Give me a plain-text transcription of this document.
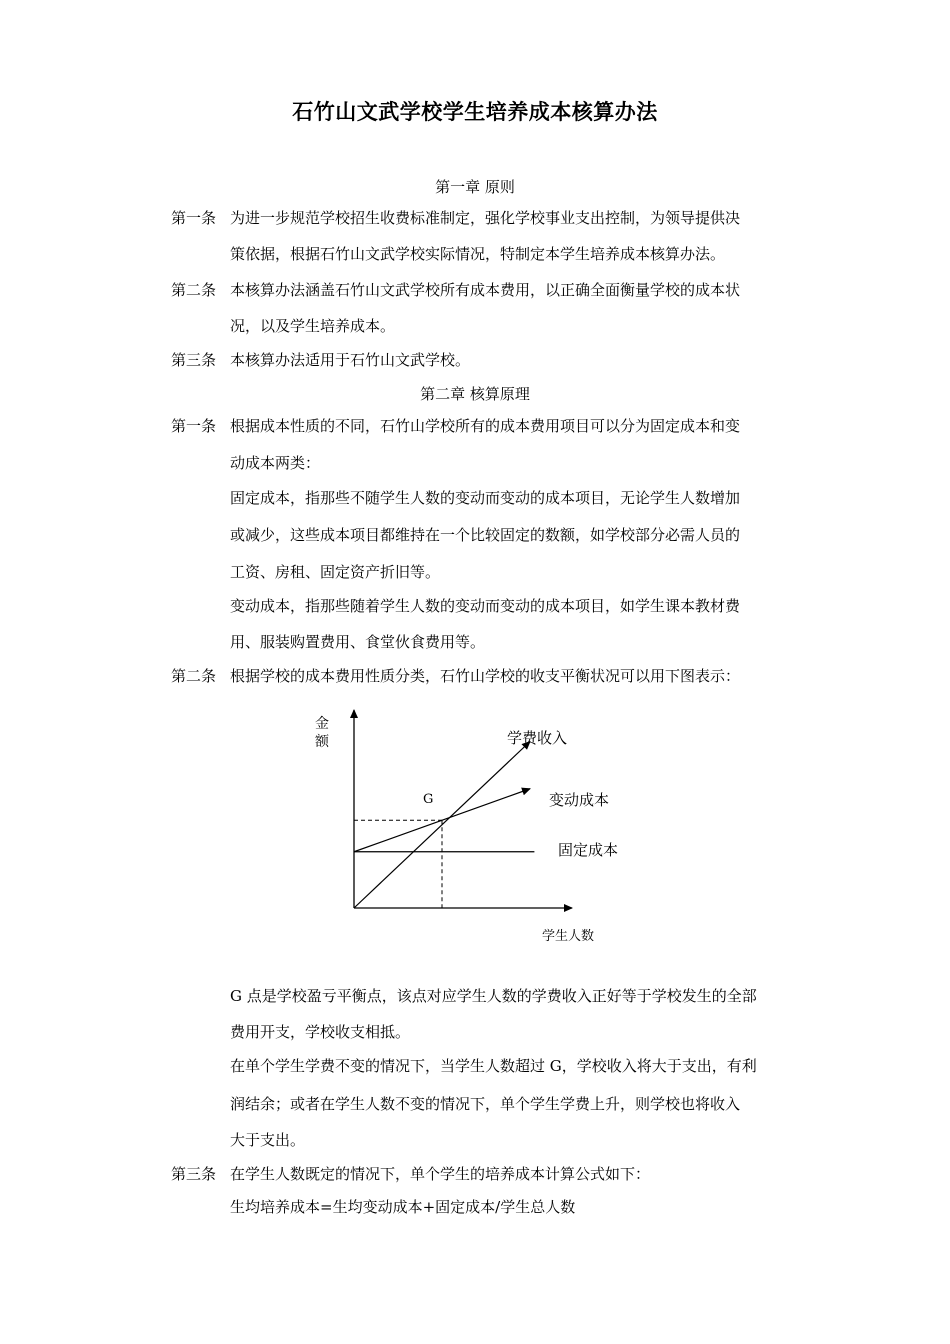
石竹山文武学校学生培养成本核算办法
第一章 原则
第一条 为进一步规范学校招生收费标准制定，强化学校事业支出控制，为领导提供决
策依据，根据石竹山文武学校实际情况，特制定本学生培养成本核算办法。
第二条 本核算办法涵盖石竹山文武学校所有成本费用，以正确全面衡量学校的成本状
况，以及学生培养成本。
第三条 本核算办法适用于石竹山文武学校。
第二章 核算原理
第一条 根据成本性质的不同，石竹山学校所有的成本费用项目可以分为固定成本和变
动成本两类：
固定成本，指那些不随学生人数的变动而变动的成本项目，无论学生人数增加
或减少，这些成本项目都维持在一个比较固定的数额，如学校部分必需人员的
工资、房租、固定资产折旧等。
变动成本，指那些随着学生人数的变动而变动的成本项目，如学生课本教材费
用、服装购置费用、食堂伙食费用等。
第二条 根据学校的成本费用性质分类，石竹山学校的收支平衡状况可以用下图表示：
金
额
学生人数
G
学费收入
变动成本
固定成本
G 点是学校盈亏平衡点，该点对应学生人数的学费收入正好等于学校发生的全部
费用开支，学校收支相抵。
在单个学生学费不变的情况下，当学生人数超过 G，学校收入将大于支出，有利
润结余；或者在学生人数不变的情况下，单个学生学费上升，则学校也将收入
大于支出。
第三条 在学生人数既定的情况下，单个学生的培养成本计算公式如下：
生均培养成本=生均变动成本+固定成本/学生总人数
